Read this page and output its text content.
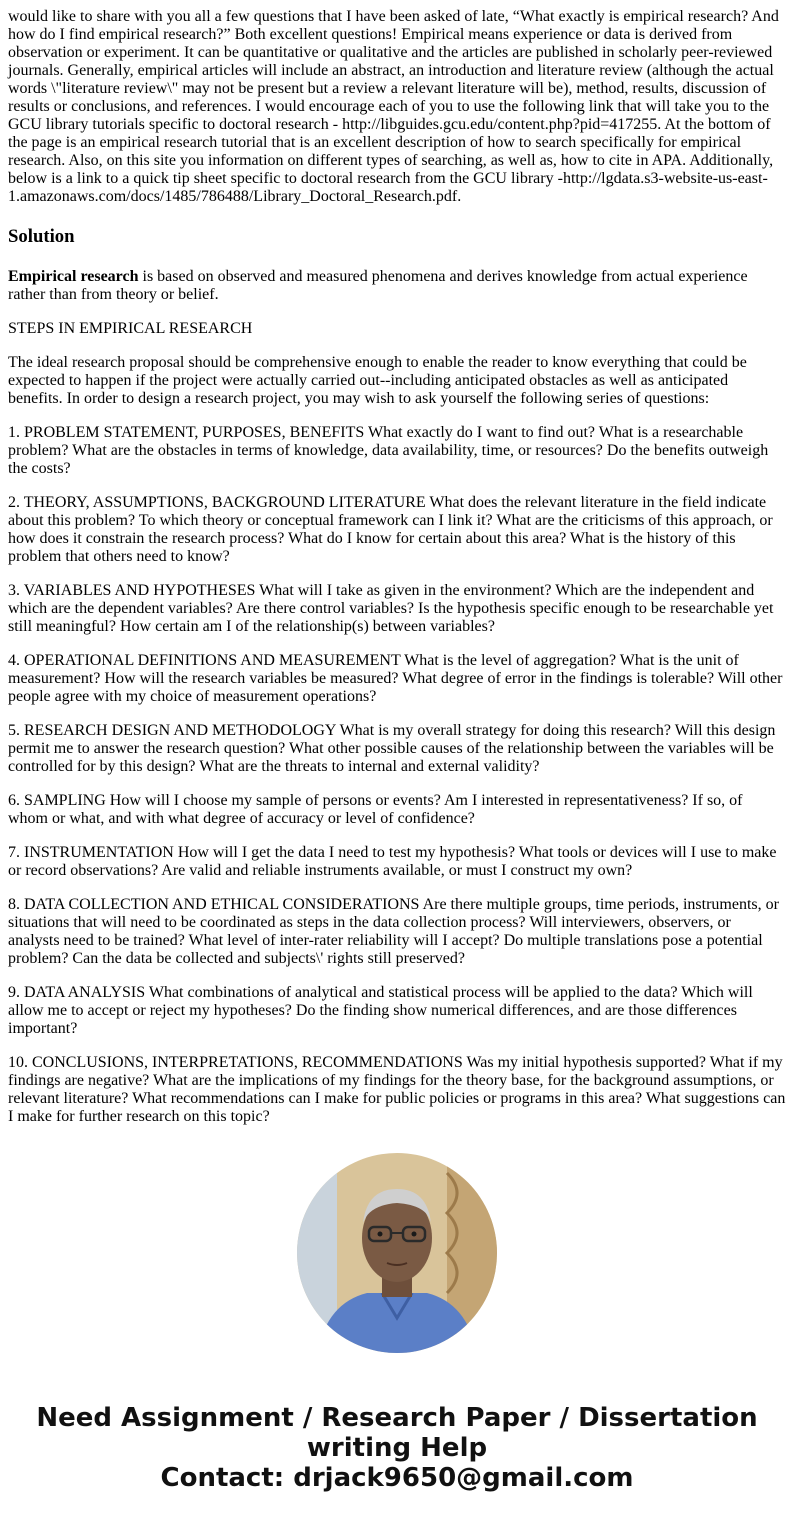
would like to share with you all a few questions that I have been asked of late, “What exactly is empirical research? And how do I find empirical research?” Both excellent questions! Empirical means experience or data is derived from observation or experiment. It can be quantitative or qualitative and the articles are published in scholarly peer-reviewed journals. Generally, empirical articles will include an abstract, an introduction and literature review (although the actual words \"literature review\" may not be present but a review a relevant literature will be), method, results, discussion of results or conclusions, and references. I would encourage each of you to use the following link that will take you to the GCU library tutorials specific to doctoral research - http://libguides.gcu.edu/content.php?pid=417255. At the bottom of the page is an empirical research tutorial that is an excellent description of how to search specifically for empirical research. Also, on this site you information on different types of searching, as well as, how to cite in APA. Additionally, below is a link to a quick tip sheet specific to doctoral research from the GCU library -http://lgdata.s3-website-us-east-1.amazonaws.com/docs/1485/786488/Library_Doctoral_Research.pdf.

Solution

Empirical research is based on observed and measured phenomena and derives knowledge from actual experience rather than from theory or belief.

STEPS IN EMPIRICAL RESEARCH

The ideal research proposal should be comprehensive enough to enable the reader to know everything that could be expected to happen if the project were actually carried out--including anticipated obstacles as well as anticipated benefits. In order to design a research project, you may wish to ask yourself the following series of questions:

1. PROBLEM STATEMENT, PURPOSES, BENEFITS What exactly do I want to find out? What is a researchable problem? What are the obstacles in terms of knowledge, data availability, time, or resources? Do the benefits outweigh the costs?

2. THEORY, ASSUMPTIONS, BACKGROUND LITERATURE What does the relevant literature in the field indicate about this problem? To which theory or conceptual framework can I link it? What are the criticisms of this approach, or how does it constrain the research process? What do I know for certain about this area? What is the history of this problem that others need to know?

3. VARIABLES AND HYPOTHESES What will I take as given in the environment? Which are the independent and which are the dependent variables? Are there control variables? Is the hypothesis specific enough to be researchable yet still meaningful? How certain am I of the relationship(s) between variables?

4. OPERATIONAL DEFINITIONS AND MEASUREMENT What is the level of aggregation? What is the unit of measurement? How will the research variables be measured? What degree of error in the findings is tolerable? Will other people agree with my choice of measurement operations?

5. RESEARCH DESIGN AND METHODOLOGY What is my overall strategy for doing this research? Will this design permit me to answer the research question? What other possible causes of the relationship between the variables will be controlled for by this design? What are the threats to internal and external validity?

6. SAMPLING How will I choose my sample of persons or events? Am I interested in representativeness? If so, of whom or what, and with what degree of accuracy or level of confidence?

7. INSTRUMENTATION How will I get the data I need to test my hypothesis? What tools or devices will I use to make or record observations? Are valid and reliable instruments available, or must I construct my own?

8. DATA COLLECTION AND ETHICAL CONSIDERATIONS Are there multiple groups, time periods, instruments, or situations that will need to be coordinated as steps in the data collection process? Will interviewers, observers, or analysts need to be trained? What level of inter-rater reliability will I accept? Do multiple translations pose a potential problem? Can the data be collected and subjects\' rights still preserved?

9. DATA ANALYSIS What combinations of analytical and statistical process will be applied to the data? Which will allow me to accept or reject my hypotheses? Do the finding show numerical differences, and are those differences important?

10. CONCLUSIONS, INTERPRETATIONS, RECOMMENDATIONS Was my initial hypothesis supported? What if my findings are negative? What are the implications of my findings for the theory base, for the background assumptions, or relevant literature? What recommendations can I make for public policies or programs in this area? What suggestions can I make for further research on this topic?

Need Assignment / Research Paper / Dissertation
writing Help
Contact: drjack9650@gmail.com
